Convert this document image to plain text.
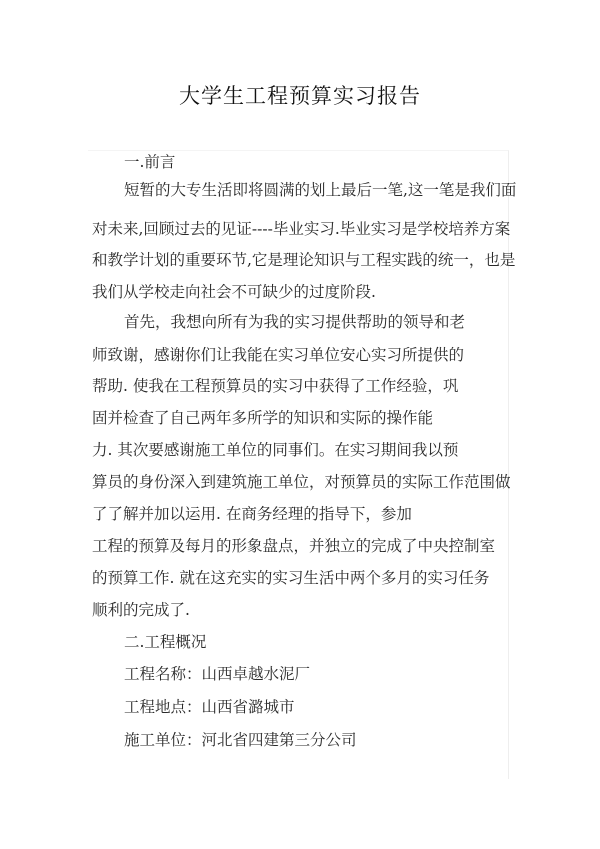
大学生工程预算实习报告
一.前言
短暂的大专生活即将圆满的划上最后一笔,这一笔是我们面
对未来,回顾过去的见证----毕业实习.毕业实习是学校培养方案
和教学计划的重要环节,它是理论知识与工程实践的统一，也是
我们从学校走向社会不可缺少的过度阶段.
首先，我想向所有为我的实习提供帮助的领导和老
师致谢，感谢你们让我能在实习单位安心实习所提供的
帮助. 使我在工程预算员的实习中获得了工作经验，巩
固并检查了自己两年多所学的知识和实际的操作能
力. 其次要感谢施工单位的同事们。在实习期间我以预
算员的身份深入到建筑施工单位，对预算员的实际工作范围做
了了解并加以运用. 在商务经理的指导下，参加
工程的预算及每月的形象盘点，并独立的完成了中央控制室
的预算工作. 就在这充实的实习生活中两个多月的实习任务
顺利的完成了.
二.工程概况
工程名称：山西卓越水泥厂
工程地点：山西省潞城市
施工单位：河北省四建第三分公司
